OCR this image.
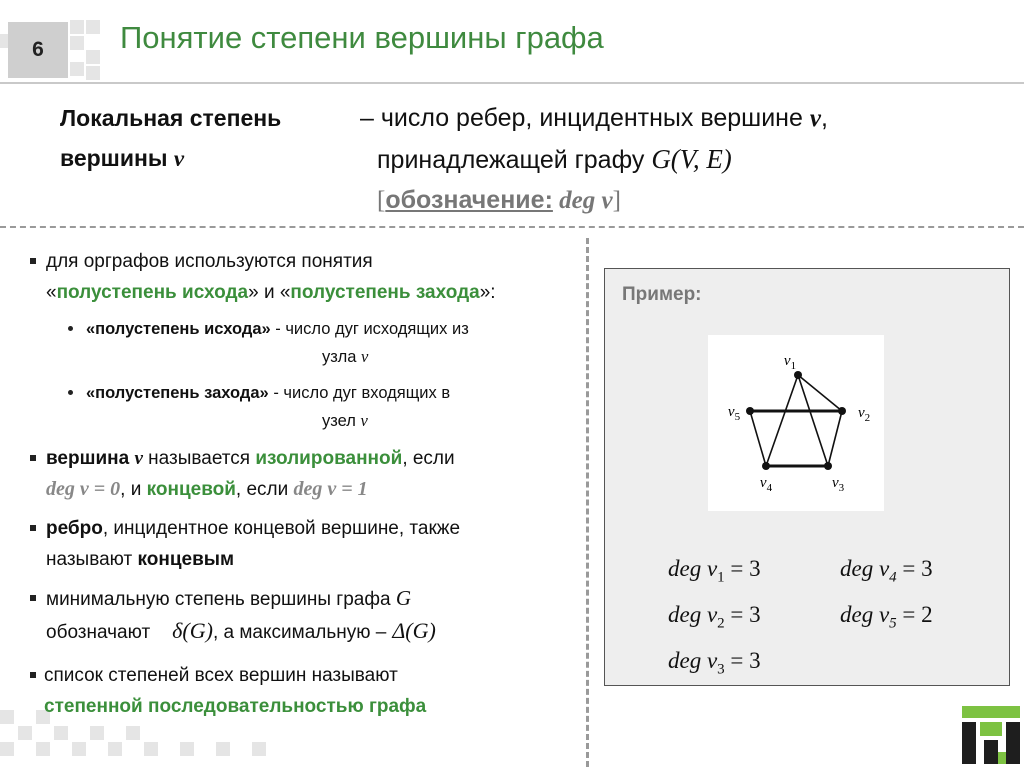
6 Понятие степени вершины графа
Локальная степень
вершины v
– число ребер, инцидентных вершине v,
принадлежащей графу G(V, E)
[обозначение: deg v]
для орграфов используются понятия
«полустепень исхода» и «полустепень захода»:
«полустепень исхода» - число дуг исходящих из
узла v
«полустепень захода» - число дуг входящих в
узел v
вершина v называется изолированной, если
deg v = 0, и концевой, если deg v = 1
ребро, инцидентное концевой вершине, также
называют концевым
минимальную степень вершины графа G
обозначают δ(G), а максимальную – Δ(G)
список степеней всех вершин называют
степенной последовательностью графа
Пример:
$v_1$
$v_2$
$v_3$
$v_4$
$v_5$
deg $v_1 = 3$	deg $v_4 = 3$
deg $v_2 = 3$	deg $v_5 = 2$
deg $v_3 = 3$
